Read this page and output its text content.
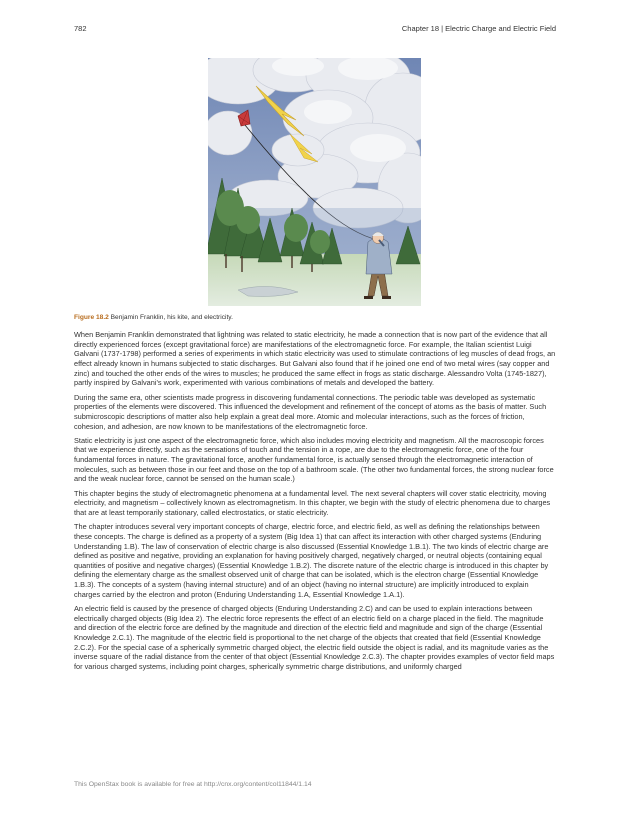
782	Chapter 18 | Electric Charge and Electric Field
Figure 18.2 Benjamin Franklin, his kite, and electricity.

When Benjamin Franklin demonstrated that lightning was related to static electricity, he made a connection that is now part of the evidence that all directly experienced forces (except gravitational force) are manifestations of the electromagnetic force. For example, the Italian scientist Luigi Galvani (1737-1798) performed a series of experiments in which static electricity was used to stimulate contractions of leg muscles of dead frogs, an effect already known in humans subjected to static discharges. But Galvani also found that if he joined one end of two metal wires (say copper and zinc) and touched the other ends of the wires to muscles; he produced the same effect in frogs as static discharge. Alessandro Volta (1745-1827), partly inspired by Galvani's work, experimented with various combinations of metals and developed the battery.

During the same era, other scientists made progress in discovering fundamental connections. The periodic table was developed as systematic properties of the elements were discovered. This influenced the development and refinement of the concept of atoms as the basis of matter. Such submicroscopic descriptions of matter also help explain a great deal more. Atomic and molecular interactions, such as the forces of friction, cohesion, and adhesion, are now known to be manifestations of the electromagnetic force.

Static electricity is just one aspect of the electromagnetic force, which also includes moving electricity and magnetism. All the macroscopic forces that we experience directly, such as the sensations of touch and the tension in a rope, are due to the electromagnetic force, one of the four fundamental forces in nature. The gravitational force, another fundamental force, is actually sensed through the electromagnetic interaction of molecules, such as between those in our feet and those on the top of a bathroom scale. (The other two fundamental forces, the strong nuclear force and the weak nuclear force, cannot be sensed on the human scale.)

This chapter begins the study of electromagnetic phenomena at a fundamental level. The next several chapters will cover static electricity, moving electricity, and magnetism – collectively known as electromagnetism. In this chapter, we begin with the study of electric phenomena due to charges that are at least temporarily stationary, called electrostatics, or static electricity.

The chapter introduces several very important concepts of charge, electric force, and electric field, as well as defining the relationships between these concepts. The charge is defined as a property of a system (Big Idea 1) that can affect its interaction with other charged systems (Enduring Understanding 1.B). The law of conservation of electric charge is also discussed (Essential Knowledge 1.B.1). The two kinds of electric charge are defined as positive and negative, providing an explanation for having positively charged, negatively charged, or neutral objects (containing equal quantities of positive and negative charges) (Essential Knowledge 1.B.2). The discrete nature of the electric charge is introduced in this chapter by defining the elementary charge as the smallest observed unit of charge that can be isolated, which is the electron charge (Essential Knowledge 1.B.3). The concepts of a system (having internal structure) and of an object (having no internal structure) are implicitly introduced to explain charges carried by the electron and proton (Enduring Understanding 1.A, Essential Knowledge 1.A.1).

An electric field is caused by the presence of charged objects (Enduring Understanding 2.C) and can be used to explain interactions between electrically charged objects (Big Idea 2). The electric force represents the effect of an electric field on a charge placed in the field. The magnitude and direction of the electric force are defined by the magnitude and direction of the electric field and magnitude and sign of the charge (Essential Knowledge 2.C.1). The magnitude of the electric field is proportional to the net charge of the objects that created that field (Essential Knowledge 2.C.2). For the special case of a spherically symmetric charged object, the electric field outside the object is radial, and its magnitude varies as the inverse square of the radial distance from the center of that object (Essential Knowledge 2.C.3). The chapter provides examples of vector field maps for various charged systems, including point charges, spherically symmetric charge distributions, and uniformly charged

This OpenStax book is available for free at http://cnx.org/content/col11844/1.14
